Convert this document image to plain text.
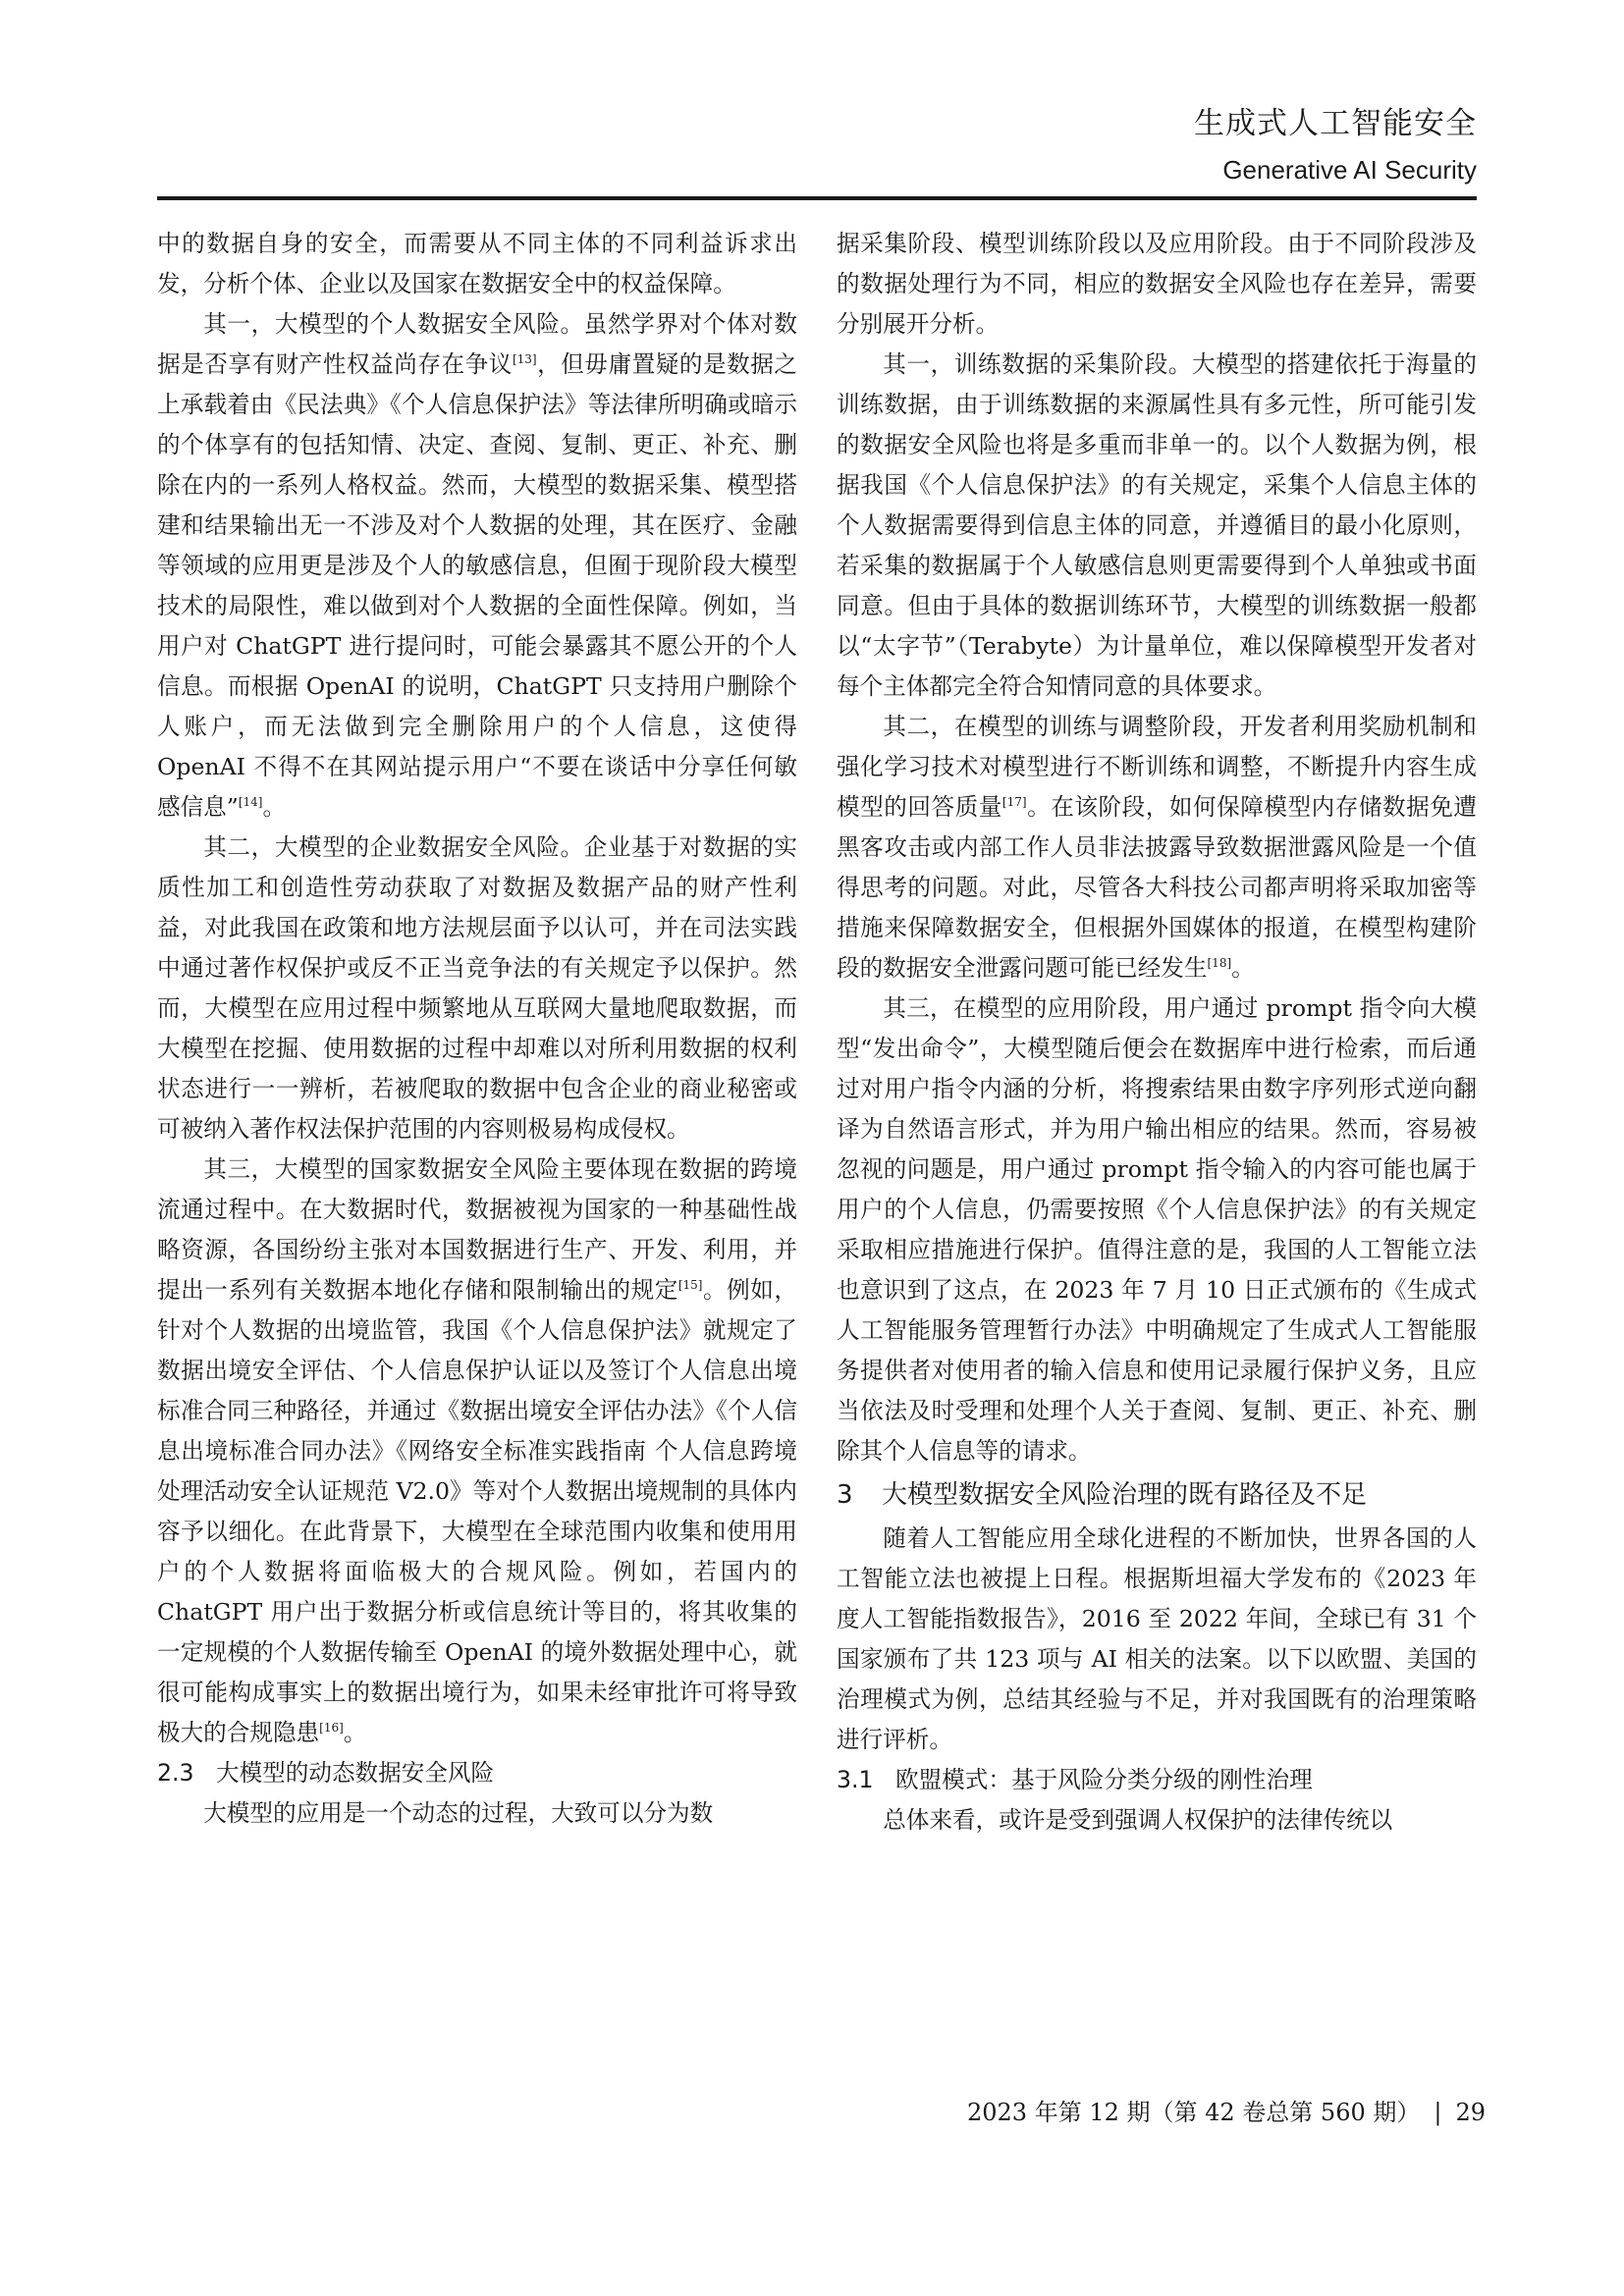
生成式人工智能安全
Generative AI Security

中的数据自身的安全，而需要从不同主体的不同利益诉求出发，分析个体、企业以及国家在数据安全中的权益保障。

其一，大模型的个人数据安全风险。虽然学界对个体对数据是否享有财产性权益尚存在争议[13]，但毋庸置疑的是数据之上承载着由《民法典》《个人信息保护法》等法律所明确或暗示的个体享有的包括知情、决定、查阅、复制、更正、补充、删除在内的一系列人格权益。然而，大模型的数据采集、模型搭建和结果输出无一不涉及对个人数据的处理，其在医疗、金融等领域的应用更是涉及个人的敏感信息，但囿于现阶段大模型技术的局限性，难以做到对个人数据的全面性保障。例如，当用户对 ChatGPT 进行提问时，可能会暴露其不愿公开的个人信息。而根据 OpenAI 的说明，ChatGPT 只支持用户删除个人账户，而无法做到完全删除用户的个人信息，这使得 OpenAI 不得不在其网站提示用户“不要在谈话中分享任何敏感信息”[14]。

其二，大模型的企业数据安全风险。企业基于对数据的实质性加工和创造性劳动获取了对数据及数据产品的财产性利益，对此我国在政策和地方法规层面予以认可，并在司法实践中通过著作权保护或反不正当竞争法的有关规定予以保护。然而，大模型在应用过程中频繁地从互联网大量地爬取数据，而大模型在挖掘、使用数据的过程中却难以对所利用数据的权利状态进行一一辨析，若被爬取的数据中包含企业的商业秘密或可被纳入著作权法保护范围的内容则极易构成侵权。

其三，大模型的国家数据安全风险主要体现在数据的跨境流通过程中。在大数据时代，数据被视为国家的一种基础性战略资源，各国纷纷主张对本国数据进行生产、开发、利用，并提出一系列有关数据本地化存储和限制输出的规定[15]。例如，针对个人数据的出境监管，我国《个人信息保护法》就规定了数据出境安全评估、个人信息保护认证以及签订个人信息出境标准合同三种路径，并通过《数据出境安全评估办法》《个人信息出境标准合同办法》《网络安全标准实践指南 个人信息跨境处理活动安全认证规范 V2.0》等对个人数据出境规制的具体内容予以细化。在此背景下，大模型在全球范围内收集和使用用户的个人数据将面临极大的合规风险。例如，若国内的 ChatGPT 用户出于数据分析或信息统计等目的，将其收集的一定规模的个人数据传输至 OpenAI 的境外数据处理中心，就很可能构成事实上的数据出境行为，如果未经审批许可将导致极大的合规隐患[16]。

2.3 大模型的动态数据安全风险

大模型的应用是一个动态的过程，大致可以分为数

据采集阶段、模型训练阶段以及应用阶段。由于不同阶段涉及的数据处理行为不同，相应的数据安全风险也存在差异，需要分别展开分析。

其一，训练数据的采集阶段。大模型的搭建依托于海量的训练数据，由于训练数据的来源属性具有多元性，所可能引发的数据安全风险也将是多重而非单一的。以个人数据为例，根据我国《个人信息保护法》的有关规定，采集个人信息主体的个人数据需要得到信息主体的同意，并遵循目的最小化原则，若采集的数据属于个人敏感信息则更需要得到个人单独或书面同意。但由于具体的数据训练环节，大模型的训练数据一般都以“太字节”（Terabyte）为计量单位，难以保障模型开发者对每个主体都完全符合知情同意的具体要求。

其二，在模型的训练与调整阶段，开发者利用奖励机制和强化学习技术对模型进行不断训练和调整，不断提升内容生成模型的回答质量[17]。在该阶段，如何保障模型内存储数据免遭黑客攻击或内部工作人员非法披露导致数据泄露风险是一个值得思考的问题。对此，尽管各大科技公司都声明将采取加密等措施来保障数据安全，但根据外国媒体的报道，在模型构建阶段的数据安全泄露问题可能已经发生[18]。

其三，在模型的应用阶段，用户通过 prompt 指令向大模型“发出命令”，大模型随后便会在数据库中进行检索，而后通过对用户指令内涵的分析，将搜索结果由数字序列形式逆向翻译为自然语言形式，并为用户输出相应的结果。然而，容易被忽视的问题是，用户通过 prompt 指令输入的内容可能也属于用户的个人信息，仍需要按照《个人信息保护法》的有关规定采取相应措施进行保护。值得注意的是，我国的人工智能立法也意识到了这点，在 2023 年 7 月 10 日正式颁布的《生成式人工智能服务管理暂行办法》中明确规定了生成式人工智能服务提供者对使用者的输入信息和使用记录履行保护义务，且应当依法及时受理和处理个人关于查阅、复制、更正、补充、删除其个人信息等的请求。

3 大模型数据安全风险治理的既有路径及不足

随着人工智能应用全球化进程的不断加快，世界各国的人工智能立法也被提上日程。根据斯坦福大学发布的《2023 年度人工智能指数报告》，2016 至 2022 年间，全球已有 31 个国家颁布了共 123 项与 AI 相关的法案。以下以欧盟、美国的治理模式为例，总结其经验与不足，并对我国既有的治理策略进行评析。

3.1 欧盟模式：基于风险分类分级的刚性治理

总体来看，或许是受到强调人权保护的法律传统以

2023 年第 12 期（第 42 卷总第 560 期） | 29
